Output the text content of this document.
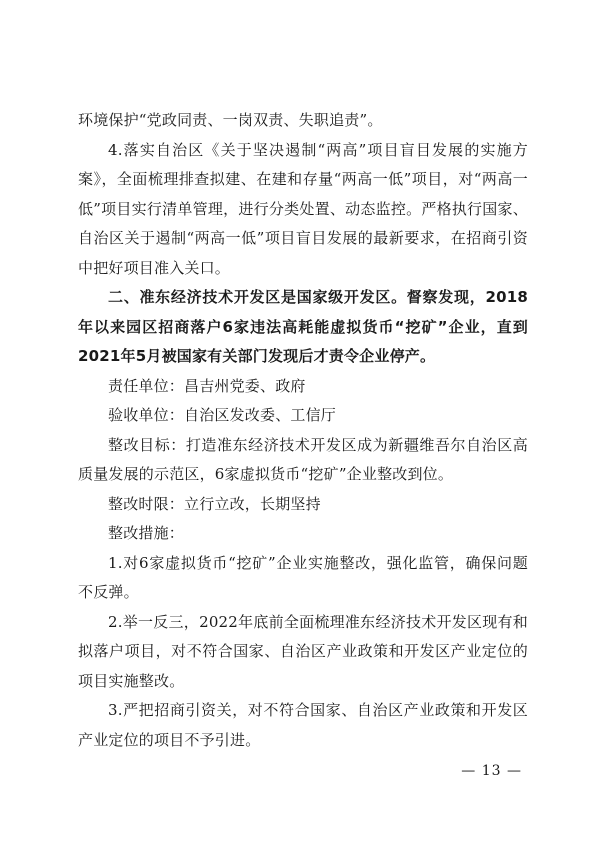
环境保护“党政同责、一岗双责、失职追责”。

4.落实自治区《关于坚决遏制“两高”项目盲目发展的实施方案》，全面梳理排查拟建、在建和存量“两高一低”项目，对“两高一低”项目实行清单管理，进行分类处置、动态监控。严格执行国家、自治区关于遏制“两高一低”项目盲目发展的最新要求，在招商引资中把好项目准入关口。

二、准东经济技术开发区是国家级开发区。督察发现，2018年以来园区招商落户6家违法高耗能虚拟货币“挖矿”企业，直到2021年5月被国家有关部门发现后才责令企业停产。

责任单位：昌吉州党委、政府

验收单位：自治区发改委、工信厅

整改目标：打造准东经济技术开发区成为新疆维吾尔自治区高质量发展的示范区，6家虚拟货币“挖矿”企业整改到位。

整改时限：立行立改，长期坚持

整改措施：

1.对6家虚拟货币“挖矿”企业实施整改，强化监管，确保问题不反弹。

2.举一反三，2022年底前全面梳理准东经济技术开发区现有和拟落户项目，对不符合国家、自治区产业政策和开发区产业定位的项目实施整改。

3.严把招商引资关，对不符合国家、自治区产业政策和开发区产业定位的项目不予引进。

— 13 —
